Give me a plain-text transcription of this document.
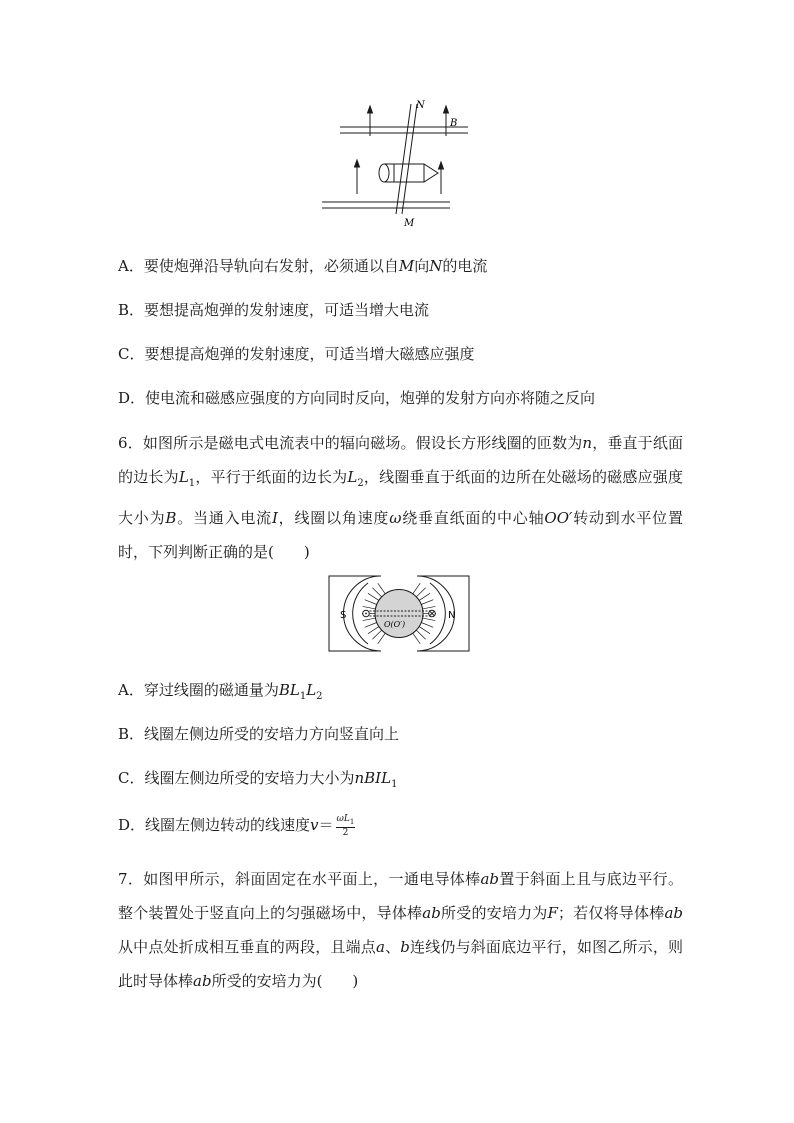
N
B
M
A．要使炮弹沿导轨向右发射，必须通以自M向N的电流
B．要想提高炮弹的发射速度，可适当增大电流
C．要想提高炮弹的发射速度，可适当增大磁感应强度
D．使电流和磁感应强度的方向同时反向，炮弹的发射方向亦将随之反向
6．如图所示是磁电式电流表中的辐向磁场。假设长方形线圈的匝数为n，垂直于纸面的边长为$L_1$，平行于纸面的边长为$L_2$，线圈垂直于纸面的边所在处磁场的磁感应强度大小为B。当通入电流I，线圈以角速度ω绕垂直纸面的中心轴OO′转动到水平位置时，下列判断正确的是(　　)
S	N
O(O′)
A．穿过线圈的磁通量为$BL_1L_2$
B．线圈左侧边所受的安培力方向竖直向上
C．线圈左侧边所受的安培力大小为nBIL$_1$
D．线圈左侧边转动的线速度$v= \frac{\omega L_1}{2}$
7．如图甲所示，斜面固定在水平面上，一通电导体棒ab置于斜面上且与底边平行。整个装置处于竖直向上的匀强磁场中，导体棒ab所受的安培力为F；若仅将导体棒ab从中点处折成相互垂直的两段，且端点a、b连线仍与斜面底边平行，如图乙所示，则此时导体棒ab所受的安培力为(　　)
